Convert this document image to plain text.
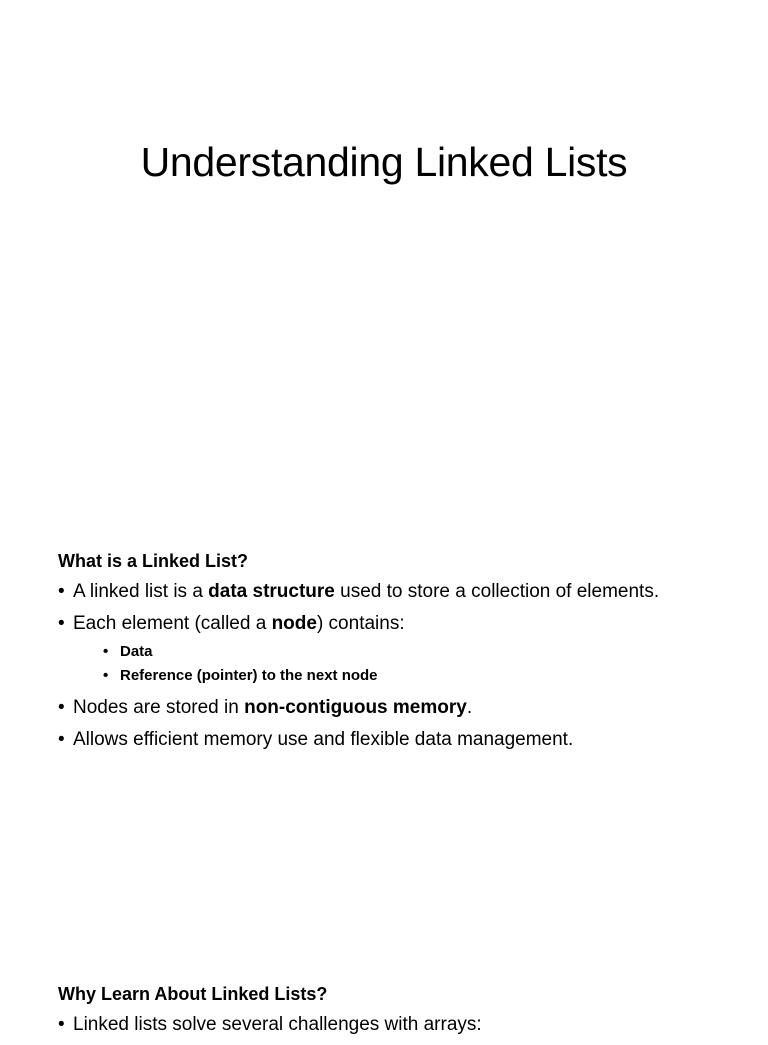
Understanding Linked Lists
What is a Linked List?
• A linked list is a data structure used to store a collection of elements.
• Each element (called a node) contains:
• Data
• Reference (pointer) to the next node
• Nodes are stored in non-contiguous memory.
• Allows efficient memory use and flexible data management.
Why Learn About Linked Lists?
• Linked lists solve several challenges with arrays:
